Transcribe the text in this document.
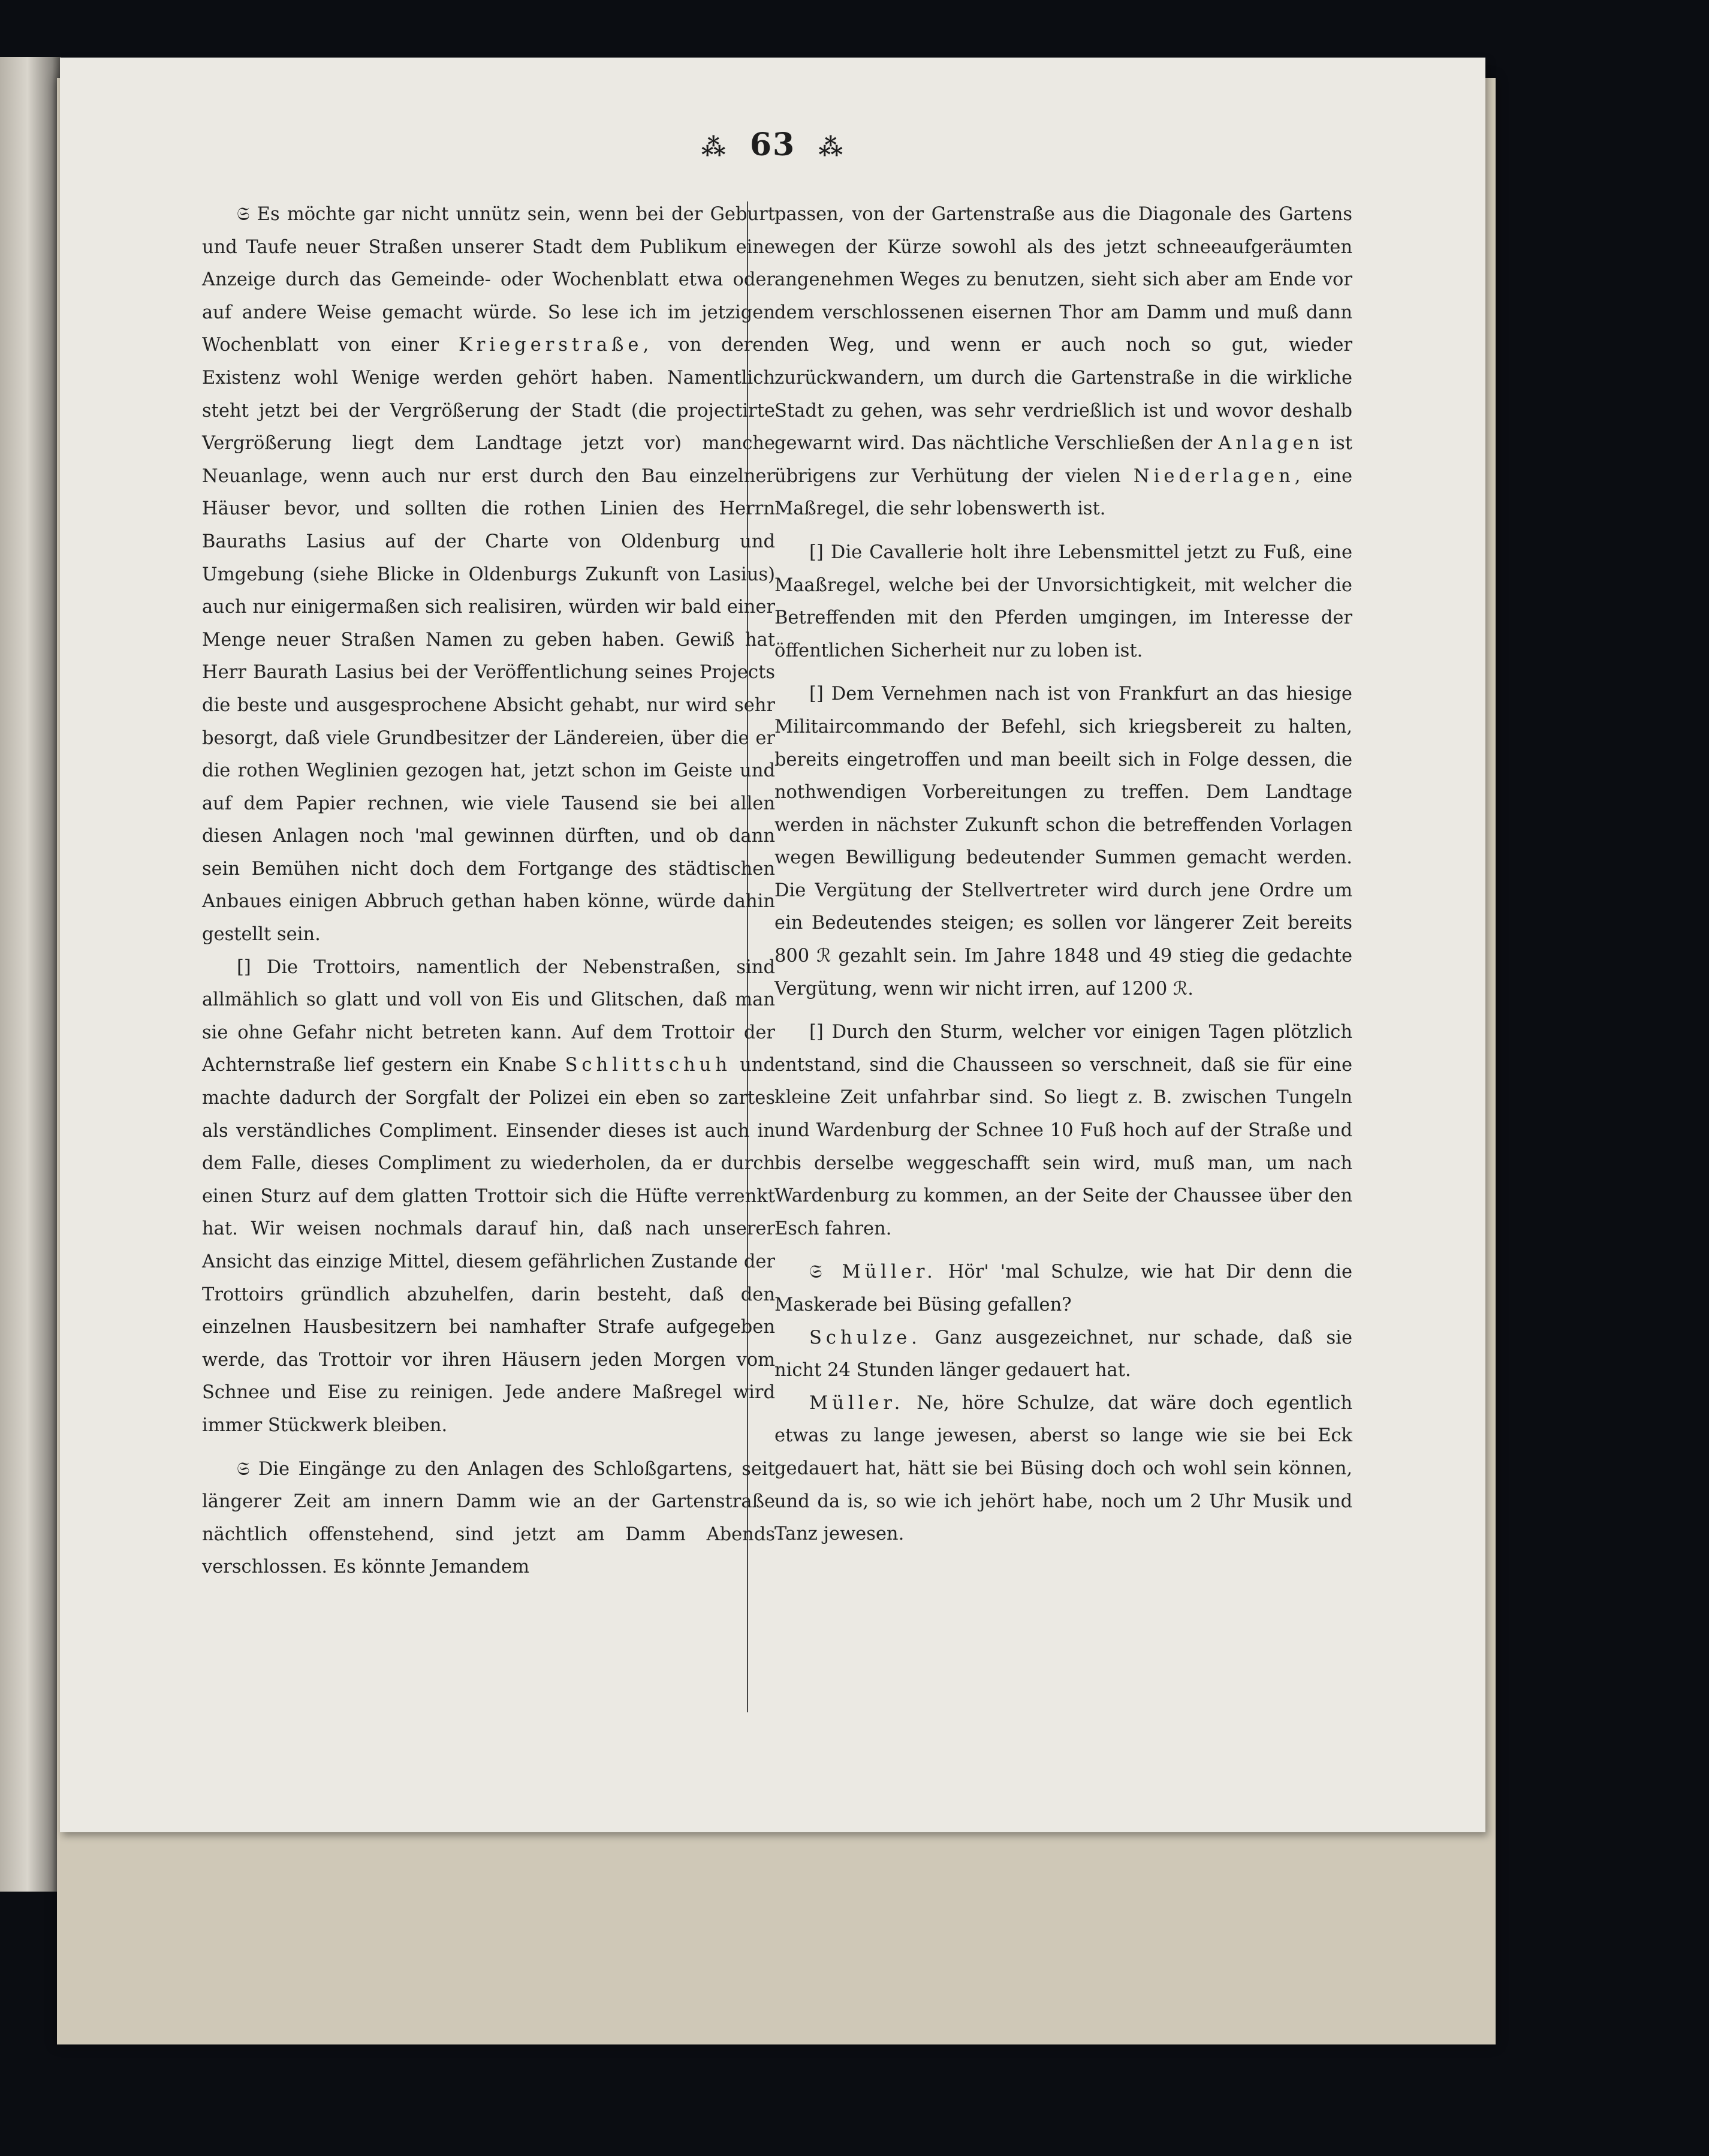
⁂ 63 ⁂

𝔖 Es möchte gar nicht unnütz sein, wenn bei der Geburt und Taufe neuer Straßen unserer Stadt dem Publikum eine Anzeige durch das Gemeinde- oder Wochenblatt etwa oder auf andere Weise gemacht würde. So lese ich im jetzigen Wochenblatt von einer Kriegerstraße, von deren Existenz wohl Wenige werden gehört haben. Namentlich steht jetzt bei der Vergrößerung der Stadt (die projectirte Vergrößerung liegt dem Landtage jetzt vor) manche Neuanlage, wenn auch nur erst durch den Bau einzelner Häuser bevor, und sollten die rothen Linien des Herrn Bauraths Lasius auf der Charte von Oldenburg und Umgebung (siehe Blicke in Oldenburgs Zukunft von Lasius) auch nur einigermaßen sich realisiren, würden wir bald einer Menge neuer Straßen Namen zu geben haben. Gewiß hat Herr Baurath Lasius bei der Veröffentlichung seines Projects die beste und ausgesprochene Absicht gehabt, nur wird sehr besorgt, daß viele Grundbesitzer der Ländereien, über die er die rothen Weglinien gezogen hat, jetzt schon im Geiste und auf dem Papier rechnen, wie viele Tausend sie bei allen diesen Anlagen noch 'mal gewinnen dürften, und ob dann sein Bemühen nicht doch dem Fortgange des städtischen Anbaues einigen Abbruch gethan haben könne, würde dahin gestellt sein.

[] Die Trottoirs, namentlich der Nebenstraßen, sind allmählich so glatt und voll von Eis und Glitschen, daß man sie ohne Gefahr nicht betreten kann. Auf dem Trottoir der Achternstraße lief gestern ein Knabe Schlittschuh und machte dadurch der Sorgfalt der Polizei ein eben so zartes als verständliches Compliment. Einsender dieses ist auch in dem Falle, dieses Compliment zu wiederholen, da er durch einen Sturz auf dem glatten Trottoir sich die Hüfte verrenkt hat. Wir weisen nochmals darauf hin, daß nach unserer Ansicht das einzige Mittel, diesem gefährlichen Zustande der Trottoirs gründlich abzuhelfen, darin besteht, daß den einzelnen Hausbesitzern bei namhafter Strafe aufgegeben werde, das Trottoir vor ihren Häusern jeden Morgen vom Schnee und Eise zu reinigen. Jede andere Maßregel wird immer Stückwerk bleiben.

𝔖 Die Eingänge zu den Anlagen des Schloßgartens, seit längerer Zeit am innern Damm wie an der Gartenstraße nächtlich offenstehend, sind jetzt am Damm Abends verschlossen. Es könnte Jemandem

passen, von der Gartenstraße aus die Diagonale des Gartens wegen der Kürze sowohl als des jetzt schneeaufgeräumten angenehmen Weges zu benutzen, sieht sich aber am Ende vor dem verschlossenen eisernen Thor am Damm und muß dann den Weg, und wenn er auch noch so gut, wieder zurückwandern, um durch die Gartenstraße in die wirkliche Stadt zu gehen, was sehr verdrießlich ist und wovor deshalb gewarnt wird. Das nächtliche Verschließen der Anlagen ist übrigens zur Verhütung der vielen Niederlagen, eine Maßregel, die sehr lobenswerth ist.

[] Die Cavallerie holt ihre Lebensmittel jetzt zu Fuß, eine Maaßregel, welche bei der Unvorsichtigkeit, mit welcher die Betreffenden mit den Pferden umgingen, im Interesse der öffentlichen Sicherheit nur zu loben ist.

[] Dem Vernehmen nach ist von Frankfurt an das hiesige Militaircommando der Befehl, sich kriegsbereit zu halten, bereits eingetroffen und man beeilt sich in Folge dessen, die nothwendigen Vorbereitungen zu treffen. Dem Landtage werden in nächster Zukunft schon die betreffenden Vorlagen wegen Bewilligung bedeutender Summen gemacht werden. Die Vergütung der Stellvertreter wird durch jene Ordre um ein Bedeutendes steigen; es sollen vor längerer Zeit bereits 800 ℛ gezahlt sein. Im Jahre 1848 und 49 stieg die gedachte Vergütung, wenn wir nicht irren, auf 1200 ℛ.

[] Durch den Sturm, welcher vor einigen Tagen plötzlich entstand, sind die Chausseen so verschneit, daß sie für eine kleine Zeit unfahrbar sind. So liegt z. B. zwischen Tungeln und Wardenburg der Schnee 10 Fuß hoch auf der Straße und bis derselbe weggeschafft sein wird, muß man, um nach Wardenburg zu kommen, an der Seite der Chaussee über den Esch fahren.

𝔖 Müller. Hör' 'mal Schulze, wie hat Dir denn die Maskerade bei Büsing gefallen?

Schulze. Ganz ausgezeichnet, nur schade, daß sie nicht 24 Stunden länger gedauert hat.

Müller. Ne, höre Schulze, dat wäre doch egentlich etwas zu lange jewesen, aberst so lange wie sie bei Eck gedauert hat, hätt sie bei Büsing doch och wohl sein können, und da is, so wie ich jehört habe, noch um 2 Uhr Musik und Tanz jewesen.
